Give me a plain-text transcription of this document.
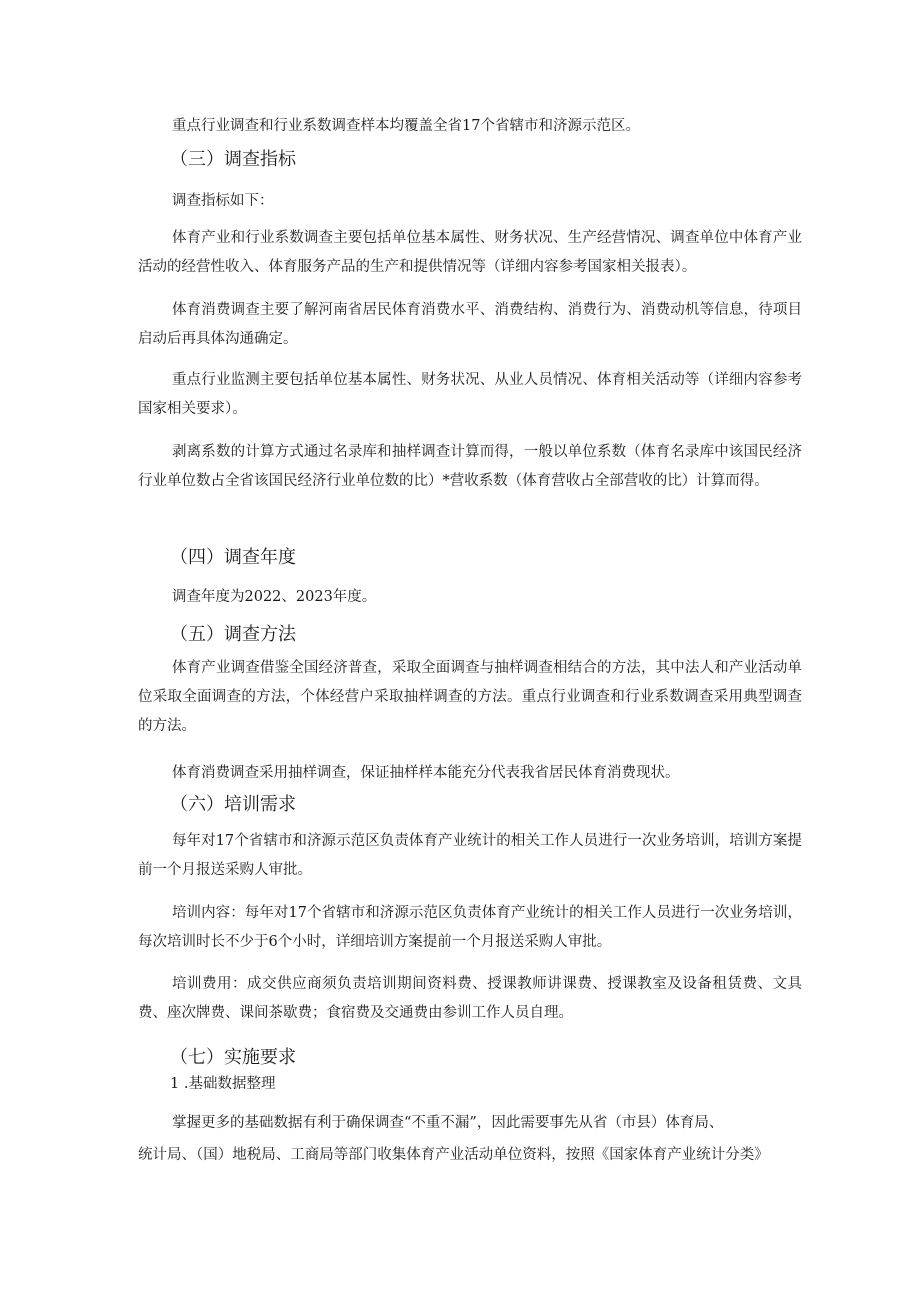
重点行业调查和行业系数调查样本均覆盖全省17个省辖市和济源示范区。

（三）调查指标

调查指标如下：

体育产业和行业系数调查主要包括单位基本属性、财务状况、生产经营情况、调查单位中体育产业活动的经营性收入、体育服务产品的生产和提供情况等（详细内容参考国家相关报表）。

体育消费调查主要了解河南省居民体育消费水平、消费结构、消费行为、消费动机等信息，待项目启动后再具体沟通确定。

重点行业监测主要包括单位基本属性、财务状况、从业人员情况、体育相关活动等（详细内容参考国家相关要求）。

剥离系数的计算方式通过名录库和抽样调查计算而得，一般以单位系数（体育名录库中该国民经济行业单位数占全省该国民经济行业单位数的比）*营收系数（体育营收占全部营收的比）计算而得。

（四）调查年度

调查年度为2022、2023年度。

（五）调查方法

体育产业调查借鉴全国经济普查，采取全面调查与抽样调查相结合的方法，其中法人和产业活动单位采取全面调查的方法，个体经营户采取抽样调查的方法。重点行业调查和行业系数调查采用典型调查的方法。

体育消费调查采用抽样调查，保证抽样样本能充分代表我省居民体育消费现状。

（六）培训需求

每年对17个省辖市和济源示范区负责体育产业统计的相关工作人员进行一次业务培训，培训方案提前一个月报送采购人审批。

培训内容：每年对17个省辖市和济源示范区负责体育产业统计的相关工作人员进行一次业务培训，每次培训时长不少于6个小时，详细培训方案提前一个月报送采购人审批。

培训费用：成交供应商须负责培训期间资料费、授课教师讲课费、授课教室及设备租赁费、文具费、座次牌费、课间茶歇费；食宿费及交通费由参训工作人员自理。

（七）实施要求

1 .基础数据整理

掌握更多的基础数据有利于确保调查“不重不漏”，因此需要事先从省（市县）体育局、

统计局、（国）地税局、工商局等部门收集体育产业活动单位资料，按照《国家体育产业统计分类》
